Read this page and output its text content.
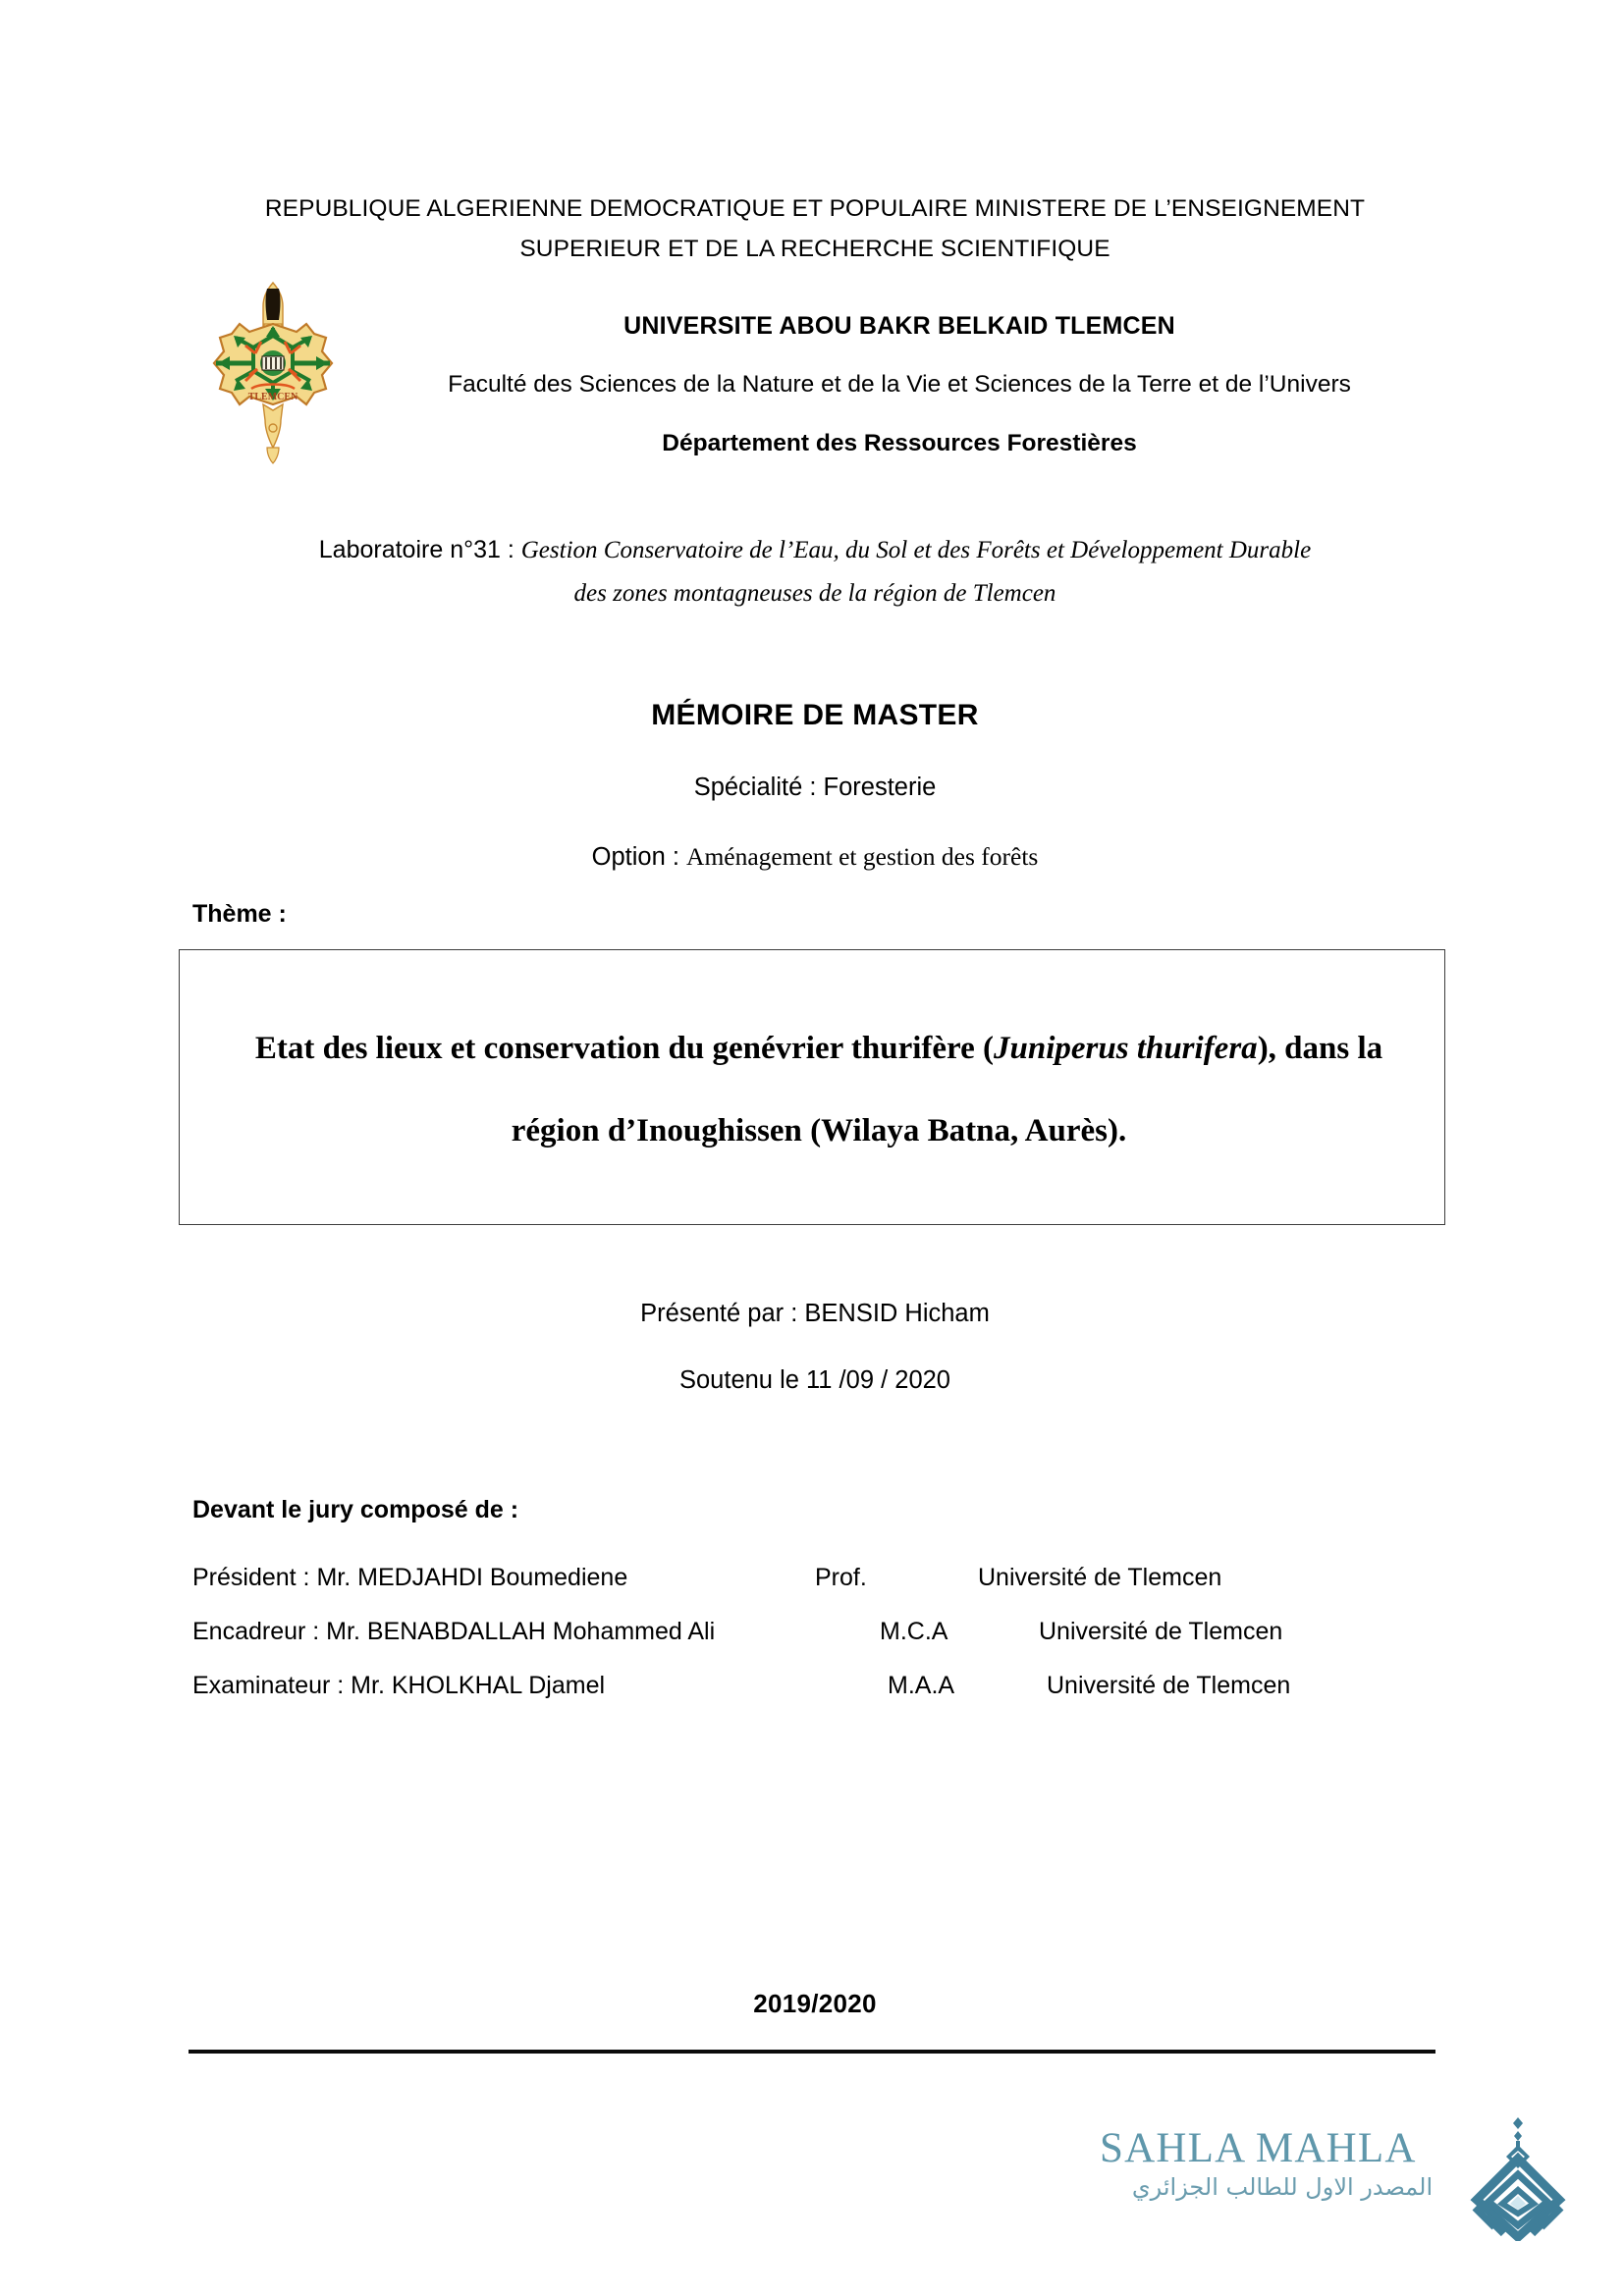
REPUBLIQUE ALGERIENNE DEMOCRATIQUE ET POPULAIRE MINISTERE DE L’ENSEIGNEMENT
SUPERIEUR ET DE LA RECHERCHE SCIENTIFIQUE
TLEMCEN
UNIVERSITE ABOU BAKR BELKAID TLEMCEN
Faculté des Sciences de la Nature et de la Vie et Sciences de la Terre et de l’Univers
Département des Ressources Forestières
Laboratoire n°31 : Gestion Conservatoire de l’Eau, du Sol et des Forêts et Développement Durable
des zones montagneuses de la région de Tlemcen
MÉMOIRE DE MASTER
Spécialité : Foresterie
Option : Aménagement et gestion des forêts
Thème :
Etat des lieux et conservation du genévrier thurifère (Juniperus thurifera), dans la région d’Inoughissen (Wilaya Batna, Aurès).
Présenté par : BENSID Hicham
Soutenu le 11 /09 / 2020
Devant le jury composé de :
Président : Mr. MEDJAHDI Boumediene	Prof.	Université de Tlemcen
Encadreur : Mr. BENABDALLAH Mohammed Ali	M.C.A	Université de Tlemcen
Examinateur : Mr. KHOLKHAL Djamel	M.A.A	Université de Tlemcen
2019/2020
SAHLA MAHLA
المصدر الاول للطالب الجزائري
